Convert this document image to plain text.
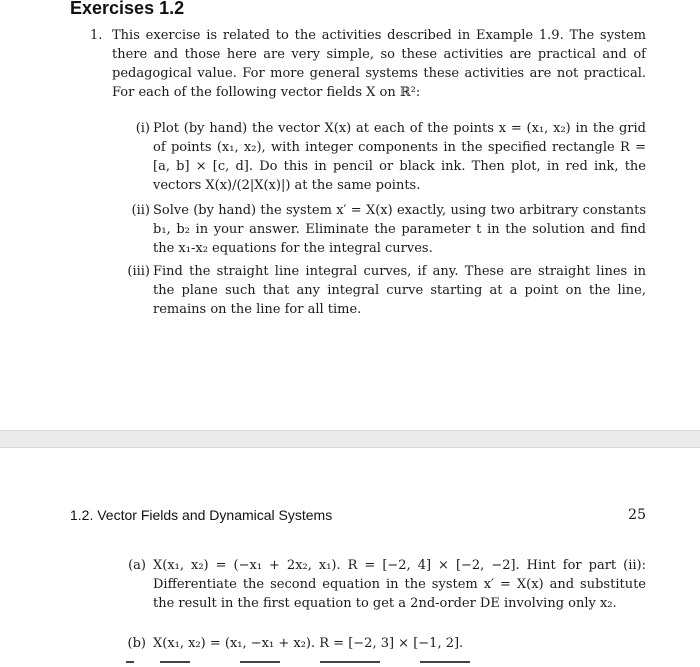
Exercises 1.2
1. This exercise is related to the activities described in Example 1.9. The system there and those here are very simple, so these activities are practical and of pedagogical value. For more general systems these activities are not practical. For each of the following vector fields X on ℝ²:
(i) Plot (by hand) the vector X(x) at each of the points x = (x₁, x₂) in the grid of points (x₁, x₂), with integer components in the specified rectangle R = [a, b] × [c, d]. Do this in pencil or black ink. Then plot, in red ink, the vectors X(x)/(2|X(x)|) at the same points.
(ii) Solve (by hand) the system x′ = X(x) exactly, using two arbitrary constants b₁, b₂ in your answer. Eliminate the parameter t in the solution and find the x₁-x₂ equations for the integral curves.
(iii) Find the straight line integral curves, if any. These are straight lines in the plane such that any integral curve starting at a point on the line, remains on the line for all time.
1.2. Vector Fields and Dynamical Systems	25
(a) X(x₁, x₂) = (−x₁ + 2x₂, x₁). R = [−2, 4] × [−2, −2]. Hint for part (ii): Differentiate the second equation in the system x′ = X(x) and substitute the result in the first equation to get a 2nd-order DE involving only x₂.
(b) X(x₁, x₂) = (x₁, −x₁ + x₂). R = [−2, 3] × [−1, 2].
